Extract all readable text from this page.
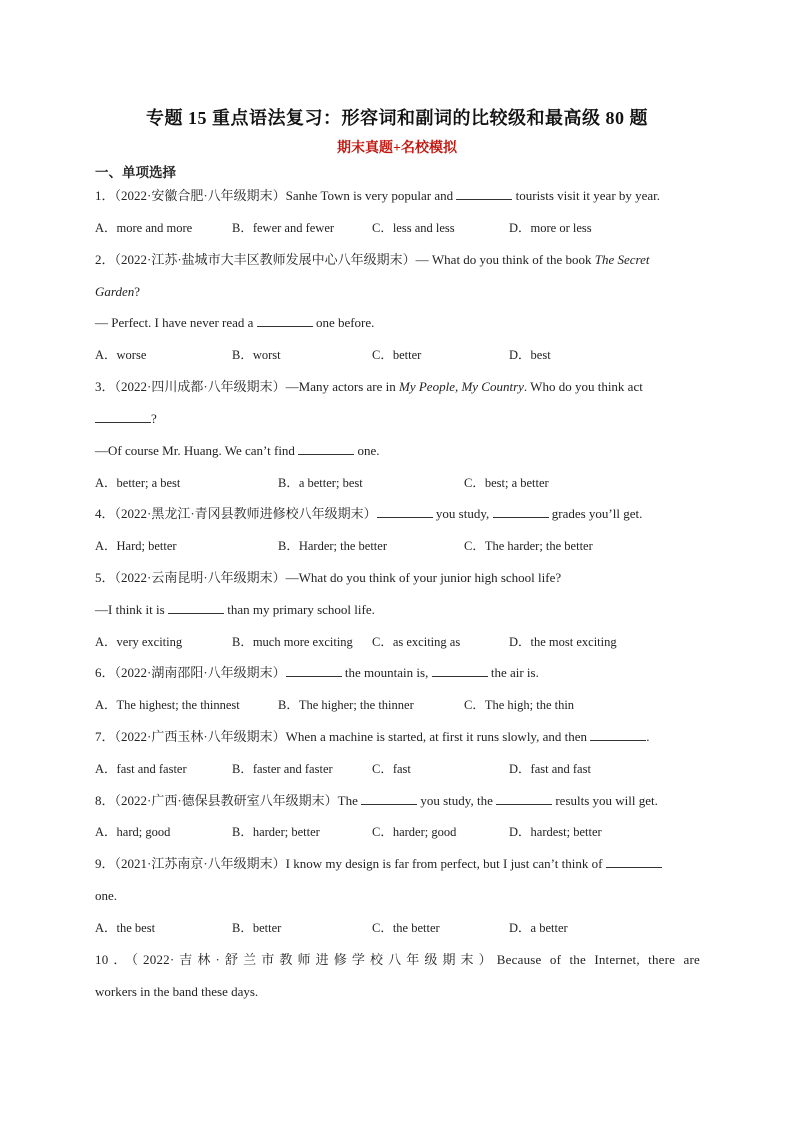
专题 15 重点语法复习：形容词和副词的比较级和最高级 80 题
期末真题+名校模拟
一、单项选择
1．（2022·安徽合肥·八年级期末）Sanhe Town is very popular and	tourists visit it year by year.
A．more and more	B．fewer and fewer	C．less and less	D．more or less
2．（2022·江苏·盐城市大丰区教师发展中心八年级期末）— What do you think of the book The Secret
Garden?
— Perfect. I have never read a	one before.
A．worse	B．worst	C．better	D．best
3．（2022·四川成都·八年级期末）—Many actors are in My People, My Country. Who do you think act
?
—Of course Mr. Huang. We can’t find	one.
A．better; a best	B．a better; best	C．best; a better
4．（2022·黑龙江·青冈县教师进修校八年级期末）	you study,	grades you’ll get.
A．Hard; better	B．Harder; the better	C．The harder; the better
5．（2022·云南昆明·八年级期末）—What do you think of your junior high school life?
—I think it is	than my primary school life.
A．very exciting	B．much more exciting C．as exciting as	D．the most exciting
6．（2022·湖南邵阳·八年级期末）	the mountain is,	the air is.
A．The highest; the thinnest	B．The higher; the thinner	C．The high; the thin
7．（2022·广西玉林·八年级期末）When a machine is started, at first it runs slowly, and then	.
A．fast and faster	B．faster and faster	C．fast	D．fast and fast
8．（2022·广西·德保县教研室八年级期末）The	you study, the	results you will get.
A．hard; good	B．harder; better	C．harder; good	D．hardest; better
9．（2021·江苏南京·八年级期末）I know my design is far from perfect, but I just can’t think of
one.
A．the best	B．better	C．the better	D．a better
10．（2022·吉林·舒兰市教师进修学校八年级期末）Because of the Internet, there are
workers in the band these days.
